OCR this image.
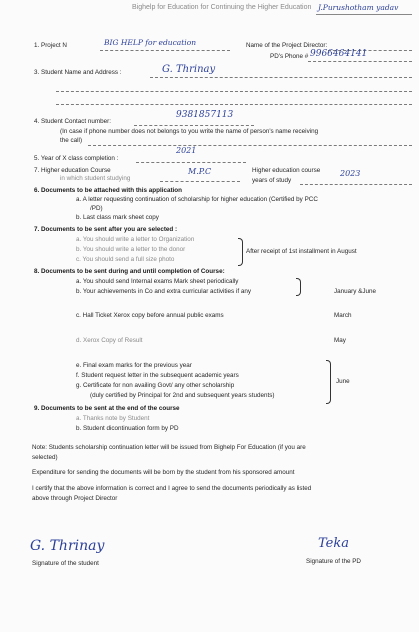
Bighelp for Education for Continuing the Higher Education J.Purushotham yadav
1. Project N	BIG HELP for education	Name of the Project Director:
PD's Phone # 9966464141
3. Student Name and Address :	G. Thrinay
4. Student Contact number:
9381857113
(In case if phone number does not belongs to you write the name of person's name receiving
the call)
5. Year of X class completion :
2021
7. Higher education Course
in which student studying
M.P.C	Higher education course
years of study
2023
6. Documents to be attached with this application
a. A letter requesting continuation of scholarship for higher education (Certified by PCC
/PD)
b. Last class mark sheet copy
7. Documents to be sent after you are selected :
a. You should write a letter to Organization
b. You should write a letter to the donor
c. You should send a full size photo
After receipt of 1st installment in August
8. Documents to be sent during and until completion of Course:
a. You should send Internal exams Mark sheet periodically
b. Your achievements in Co and extra curricular activities if any	January &June
c. Hall Ticket Xerox copy before annual public exams	March
d. Xerox Copy of Result	May
e. Final exam marks for the previous year
f. Student request letter in the subsequent academic years
g. Certificate for non availing Govt/ any other scholarship
(duly certified by Principal for 2nd and subsequent years students)
June
9. Documents to be sent at the end of the course
a. Thanks note by Student
b. Student dicontinuation form by PD
Note: Students scholarship continuation letter will be issued from Bighelp For Education (if you are
selected)
Expenditure for sending the documents will be born by the student from his sponsored amount
I certify that the above information is correct and I agree to send the documents periodically as listed
above through Project Director
G. Thrinay
Signature of the student
Teka
Signature of the PD
